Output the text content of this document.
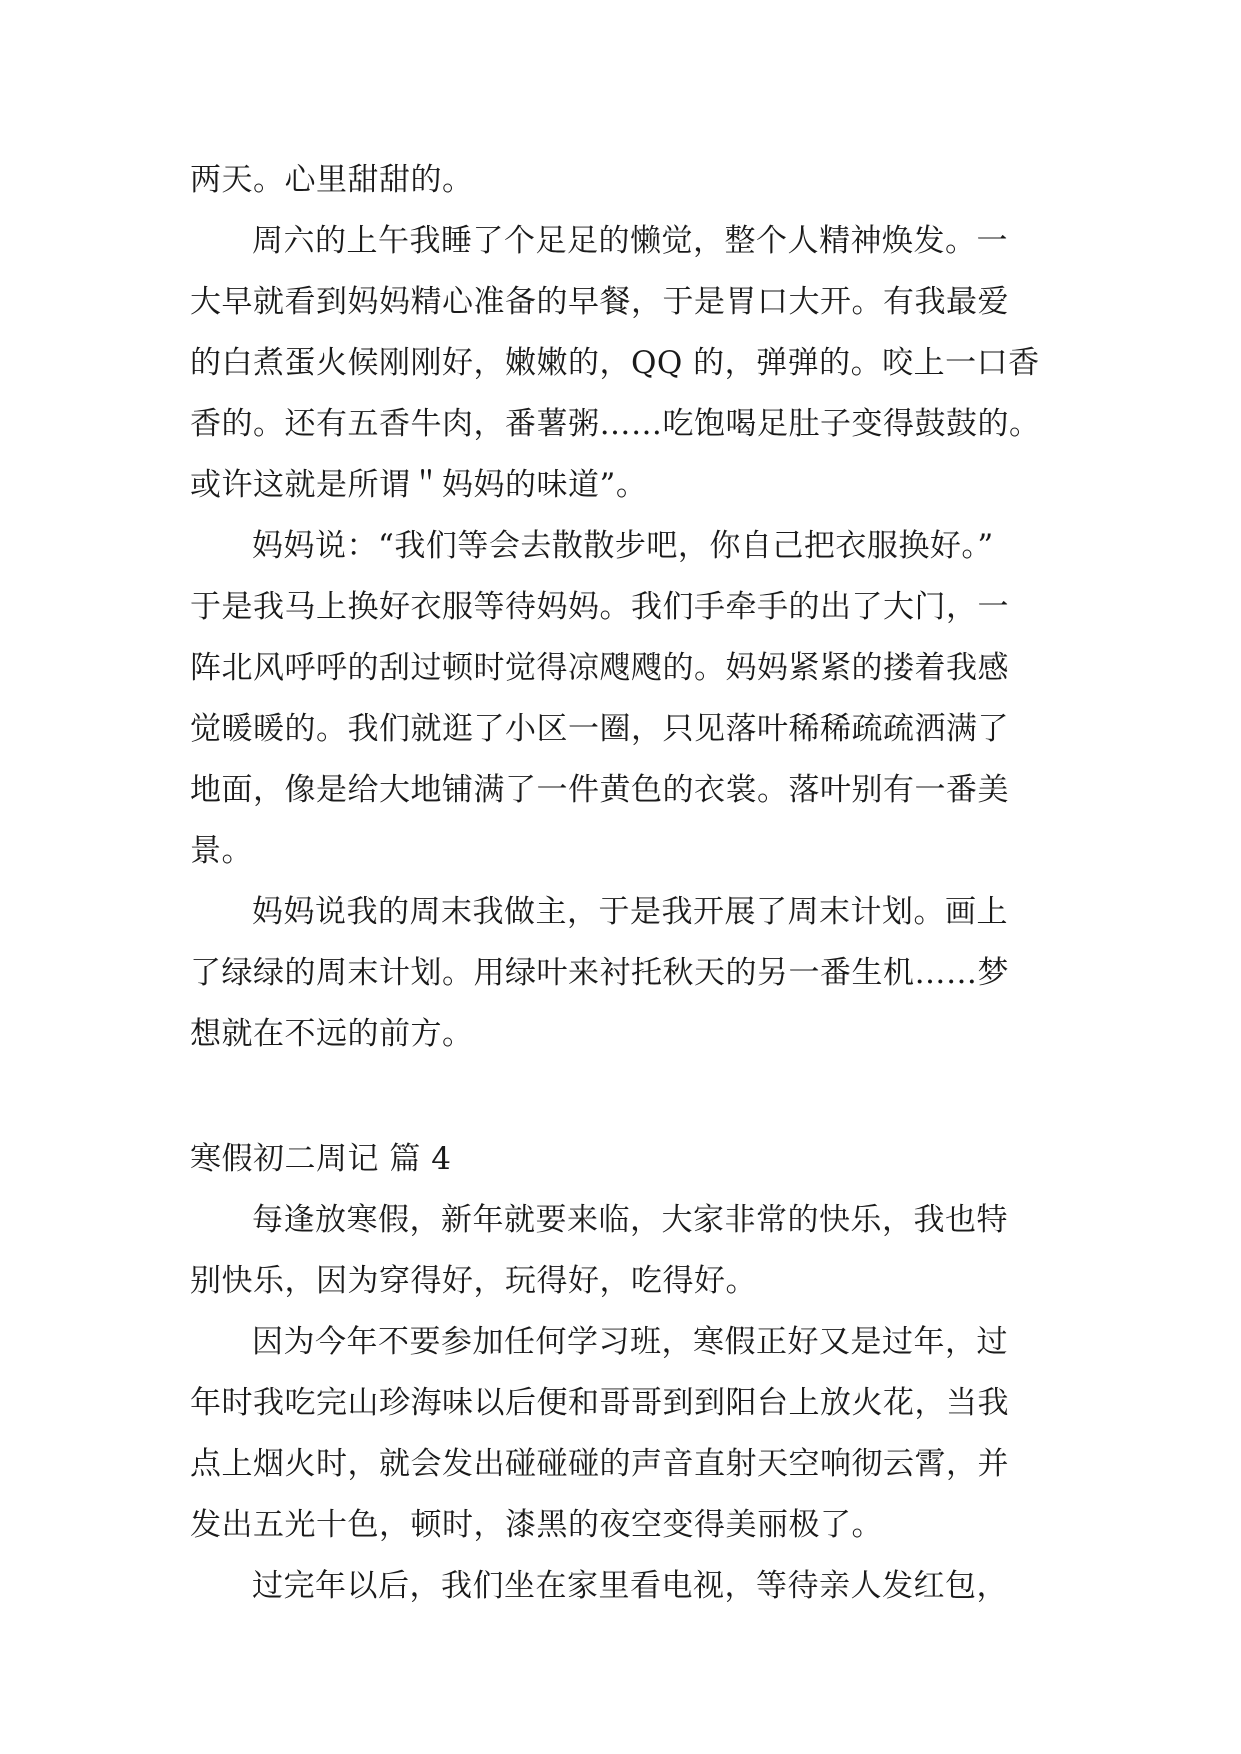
两天。心里甜甜的。

周六的上午我睡了个足足的懒觉，整个人精神焕发。一
大早就看到妈妈精心准备的早餐，于是胃口大开。有我最爱
的白煮蛋火候刚刚好，嫩嫩的，QQ 的，弹弹的。咬上一口香
香的。还有五香牛肉，番薯粥……吃饱喝足肚子变得鼓鼓的。
或许这就是所谓＂妈妈的味道”。

妈妈说：“我们等会去散散步吧，你自己把衣服换好。”
于是我马上换好衣服等待妈妈。我们手牵手的出了大门，一
阵北风呼呼的刮过顿时觉得凉飕飕的。妈妈紧紧的搂着我感
觉暖暖的。我们就逛了小区一圈，只见落叶稀稀疏疏洒满了
地面，像是给大地铺满了一件黄色的衣裳。落叶别有一番美
景。

妈妈说我的周末我做主，于是我开展了周末计划。画上
了绿绿的周末计划。用绿叶来衬托秋天的另一番生机……梦
想就在不远的前方。

寒假初二周记 篇 4

每逢放寒假，新年就要来临，大家非常的快乐，我也特
别快乐，因为穿得好，玩得好，吃得好。

因为今年不要参加任何学习班，寒假正好又是过年，过
年时我吃完山珍海味以后便和哥哥到到阳台上放火花，当我
点上烟火时，就会发出碰碰碰的声音直射天空响彻云霄，并
发出五光十色，顿时，漆黑的夜空变得美丽极了。

过完年以后，我们坐在家里看电视，等待亲人发红包，
